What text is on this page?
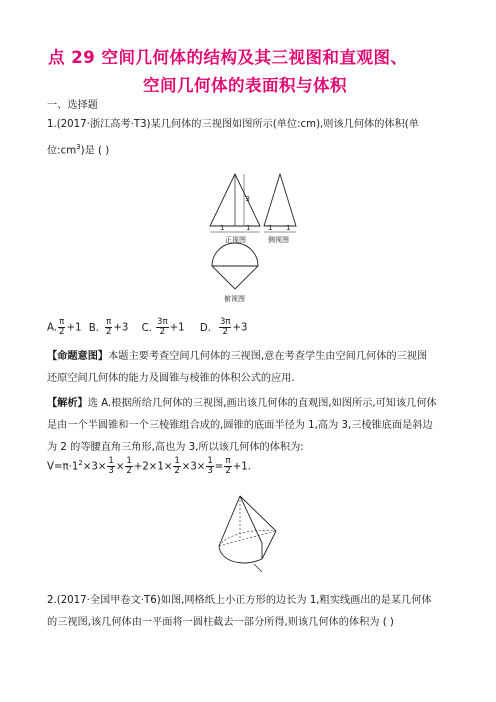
点 29 空间几何体的结构及其三视图和直观图、
空间几何体的表面积与体积
一、选择题
1.(2017·浙江高考·T3)某几何体的三视图如图所示(单位:cm),则该几何体的体积(单
位$:cm^3$)是 ( )
3
1	1
正视图
1 1
侧视图
俯视图
A. $\frac{\pi}{2} +1$ B. $\frac{\pi}{2} +3$ C. $\frac{3\pi}{2} +1$ D. $\frac{3\pi}{2} +3$
【命题意图】本题主要考查空间几何体的三视图,意在考查学生由空间几何体的三视图
还原空间几何体的能力及圆锥与棱锥的体积公式的应用.
【解析】选 A.根据所给几何体的三视图,画出该几何体的直观图,如图所示,可知该几何体
是由一个半圆锥和一个三棱锥组合成的,圆锥的底面半径为 1,高为 3,三棱锥底面是斜边
为 2 的等腰直角三角形,高也为 3,所以该几何体的体积为:
$V=\pi\cdot 1^2\times 3\times \frac{1}{3} \times \frac{1}{2} +2\times 1\times \frac{1}{2} \times 3\times \frac{1}{3} = \frac{\pi}{2} +1$.
2.(2017·全国甲卷文·T6)如图,网格纸上小正方形的边长为 1,粗实线画出的是某几何体
的三视图,该几何体由一平面将一圆柱截去一部分所得,则该几何体的体积为 ( )
